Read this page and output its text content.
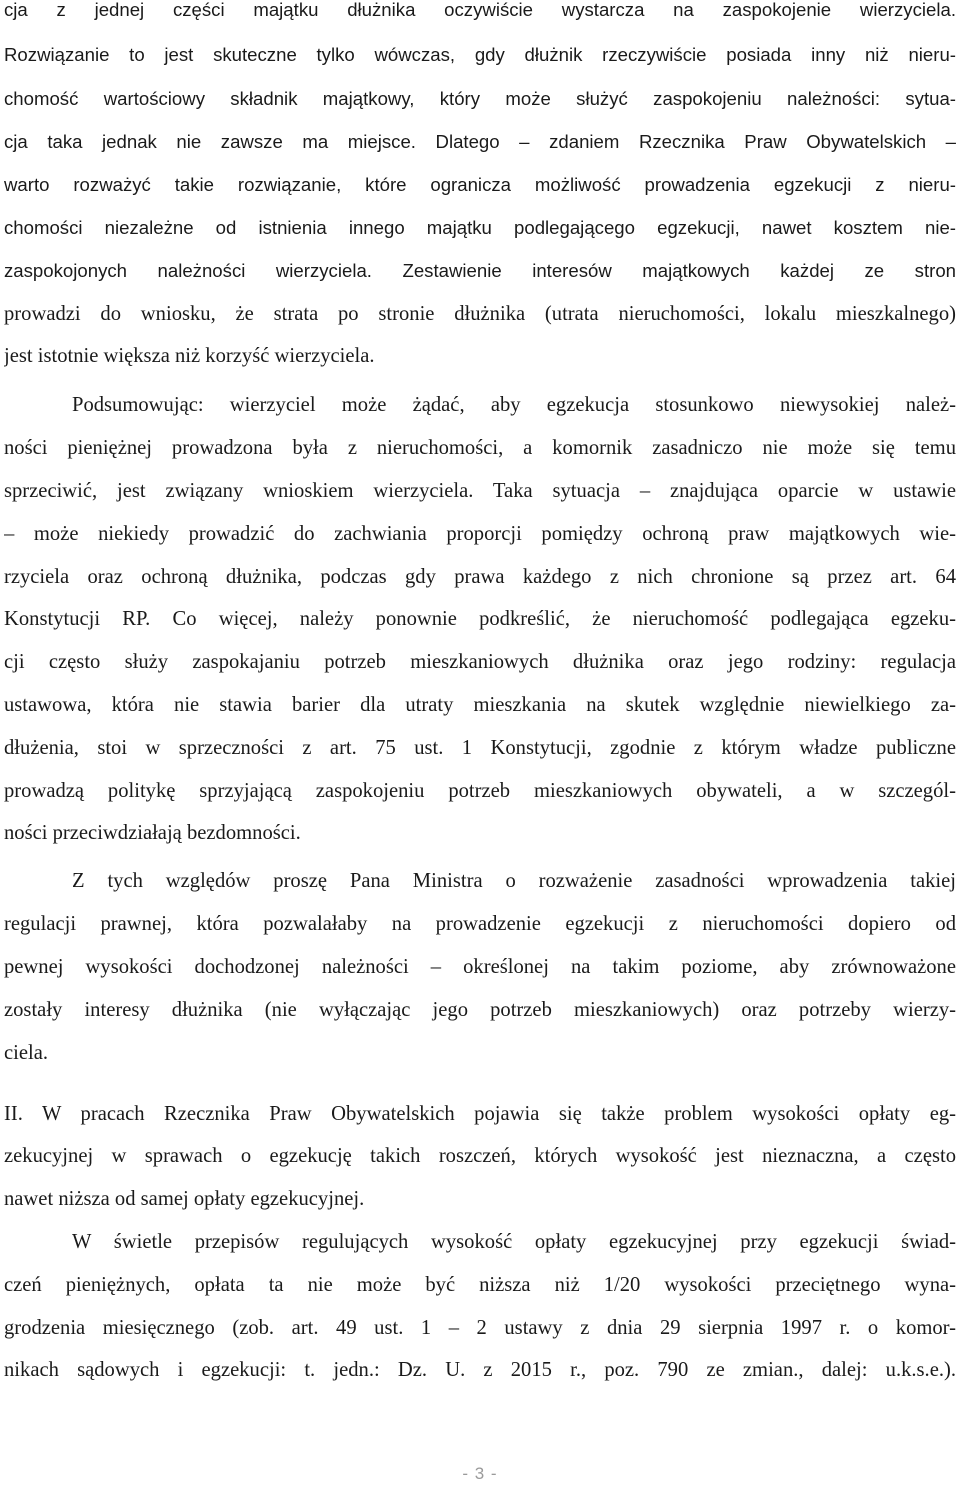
cja z jednej części majątku dłużnika oczywiście wystarcza na zaspokojenie wierzyciela.
Rozwiązanie to jest skuteczne tylko wówczas, gdy dłużnik rzeczywiście posiada inny niż nieru-
chomość wartościowy składnik majątkowy, który może służyć zaspokojeniu należności: sytua-
cja taka jednak nie zawsze ma miejsce. Dlatego – zdaniem Rzecznika Praw Obywatelskich –
warto rozważyć takie rozwiązanie, które ogranicza możliwość prowadzenia egzekucji z nieru-
chomości niezależne od istnienia innego majątku podlegającego egzekucji, nawet kosztem nie-
zaspokojonych należności wierzyciela. Zestawienie interesów majątkowych każdej ze stron
prowadzi do wniosku, że strata po stronie dłużnika (utrata nieruchomości, lokalu mieszkalnego)
jest istotnie większa niż korzyść wierzyciela.
Podsumowując: wierzyciel może żądać, aby egzekucja stosunkowo niewysokiej należ-
ności pieniężnej prowadzona była z nieruchomości, a komornik zasadniczo nie może się temu
sprzeciwić, jest związany wnioskiem wierzyciela. Taka sytuacja – znajdująca oparcie w ustawie
– może niekiedy prowadzić do zachwiania proporcji pomiędzy ochroną praw majątkowych wie-
rzyciela oraz ochroną dłużnika, podczas gdy prawa każdego z nich chronione są przez art. 64
Konstytucji RP. Co więcej, należy ponownie podkreślić, że nieruchomość podlegająca egzeku-
cji często służy zaspokajaniu potrzeb mieszkaniowych dłużnika oraz jego rodziny: regulacja
ustawowa, która nie stawia barier dla utraty mieszkania na skutek względnie niewielkiego za-
dłużenia, stoi w sprzeczności z art. 75 ust. 1 Konstytucji, zgodnie z którym władze publiczne
prowadzą politykę sprzyjającą zaspokojeniu potrzeb mieszkaniowych obywateli, a w szczegól-
ności przeciwdziałają bezdomności.
Z tych względów proszę Pana Ministra o rozważenie zasadności wprowadzenia takiej
regulacji prawnej, która pozwalałaby na prowadzenie egzekucji z nieruchomości dopiero od
pewnej wysokości dochodzonej należności – określonej na takim poziome, aby zrównoważone
zostały interesy dłużnika (nie wyłączając jego potrzeb mieszkaniowych) oraz potrzeby wierzy-
ciela.
II. W pracach Rzecznika Praw Obywatelskich pojawia się także problem wysokości opłaty eg-
zekucyjnej w sprawach o egzekucję takich roszczeń, których wysokość jest nieznaczna, a często
nawet niższa od samej opłaty egzekucyjnej.
W świetle przepisów regulujących wysokość opłaty egzekucyjnej przy egzekucji świad-
czeń pieniężnych, opłata ta nie może być niższa niż 1/20 wysokości przeciętnego wyna-
grodzenia miesięcznego (zob. art. 49 ust. 1 – 2 ustawy z dnia 29 sierpnia 1997 r. o komor-
nikach sądowych i egzekucji: t. jedn.: Dz. U. z 2015 r., poz. 790 ze zmian., dalej: u.k.s.e.).
- 3 -
